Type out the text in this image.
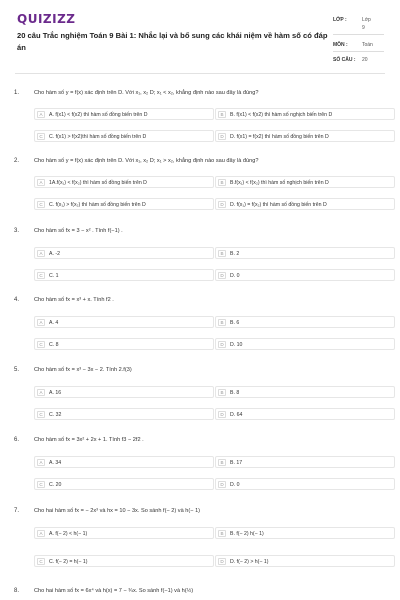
QUIZIZZ
20 câu Trắc nghiệm Toán 9 Bài 1: Nhắc lại và bổ sung các khái niệm về hàm số có đáp án
LỚP :	Lớp
9
MÔN :	Toán
SỐ CÂU : 20
1.	Cho hàm số y = f(x) xác định trên D. Với x₁, x₂ D; x₁ < x₂, khẳng định nào sau đây là đúng?
A	A. f(x1) < f(x2) thì hàm số đồng biến trên D	B	B. f(x1) < f(x2) thì hàm số nghịch biến trên D
C	C. f(x1) > f(x2)thì hàm số đồng biến trên D	D	D. f(x1) = f(x2) thì hàm số đồng biến trên D
2.	Cho hàm số y = f(x) xác định trên D. Với x₁, x₂ D; x₁ > x₂, khẳng định nào sau đây là đúng?
A	1A.f(x₁) < f(x₂) thì hàm số đồng biến trên D	B	B.f(x₁) < f(x₂) thì hàm số nghịch biến trên D
C	C. f(x₁) > f(x₂) thì hàm số đồng biến trên D	D	D. f(x₁) = f(x₂) thì hàm số đồng biến trên D
3.	Cho hàm số fx = 3 − x² . Tính f(−1) .
A	A. -2	B	B. 2
C	C. 1	D	D. 0
4.	Cho hàm số fx = x³ + x. Tính f2 .
A	A. 4	B	B. 6
C	C. 8	D	D. 10
5.	Cho hàm số fx = x³ − 3x − 2. Tính 2.f(3)
A	A. 16	B	B. 8
C	C. 32	D	D. 64
6.	Cho hàm số fx = 3x² + 2x + 1. Tính f3 − 2f2 .
A	A. 34	B	B. 17
C	C. 20	D	D. 0
7.	Cho hai hàm số fx = − 2x³ và hx = 10 − 3x. So sánh f(− 2) và h(− 1)
A	A. f(− 2) < h(− 1)	B	B. f(− 2) h(− 1)
C	C. f(− 2) = h(− 1)	D	D. f(− 2) > h(− 1)
8.	Cho hai hàm số fx = 6x⁴ và h(x) = 7 − ¾x. So sánh f(−1) và h(½)
